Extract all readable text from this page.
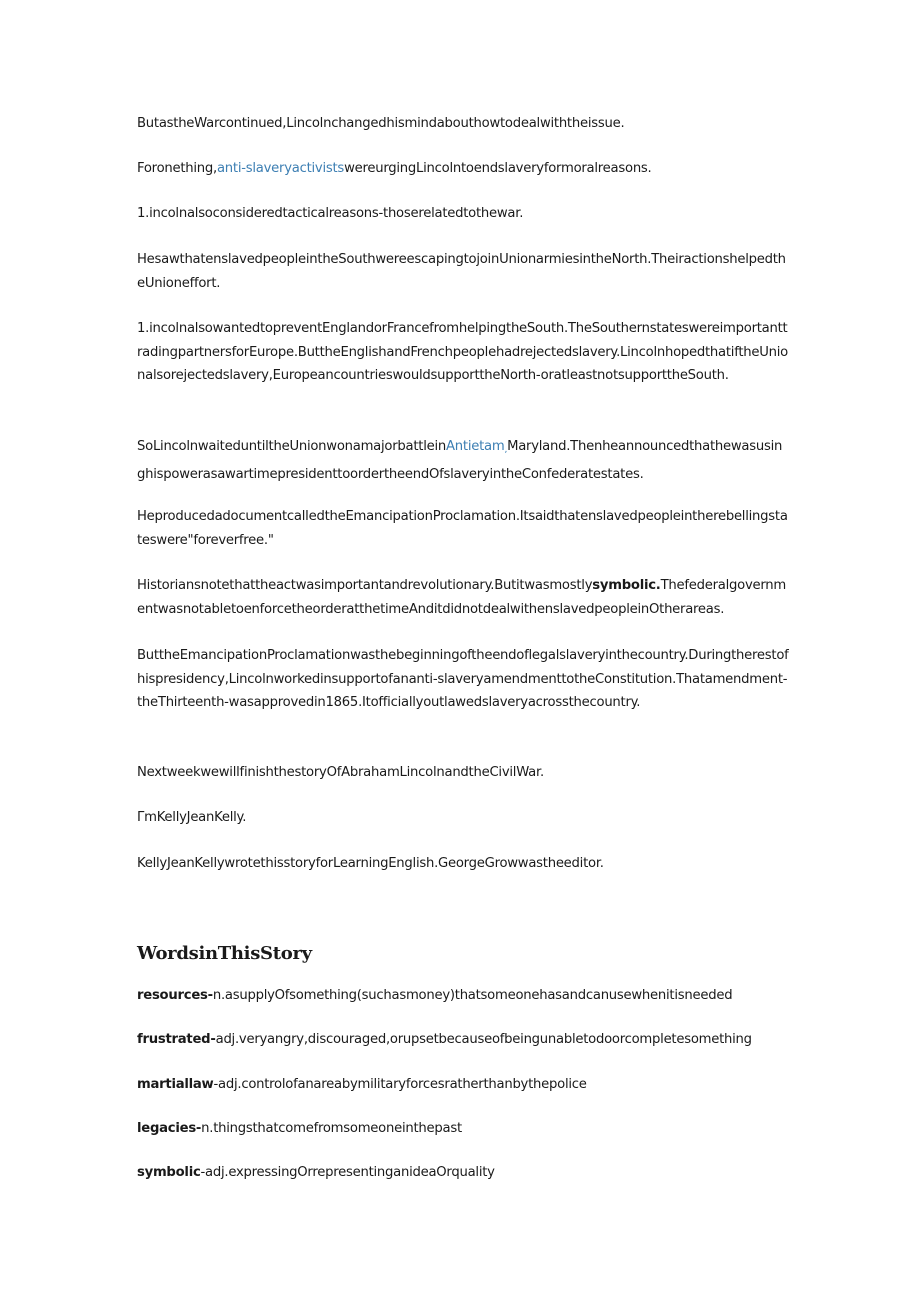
ButastheWarcontinued,Lincolnchangedhismindabouthowtodealwiththeissue.

Foronething,anti-slaveryactivistswereurgingLincolntoendslaveryformoralreasons.

1.incolnalsoconsideredtacticalreasons-thoserelatedtothewar.

HesawthatenslavedpeopleintheSouthwereescapingtojoinUnionarmiesintheNorth.TheiractionshelpedtheUnioneffort.

1.incolnalsowantedtopreventEnglandorFrancefromhelpingtheSouth.TheSouthernstateswereimportanttradingpartnersforEurope.ButtheEnglishandFrenchpeoplehadrejectedslavery.LincolnhopedthatiftheUnionalsorejectedslavery,EuropeancountrieswouldsupporttheNorth-oratleastnotsupporttheSouth.

SoLincolnwaiteduntiltheUnionwonamajorbattleinAntietam$_,$Maryland.ThenheannouncedthathewasusinghispowerasawartimepresidenttoordertheendOfslaveryintheConfederatestates.

HeproducedadocumentcalledtheEmancipationProclamation.Itsaidthatenslavedpeopleintherebellingstateswere"foreverfree."

Historiansnotethattheactwasimportantandrevolutionary.Butitwasmostlysymbolic.ThefederalgovernmentwasnotabletoenforcetheorderatthetimeAnditdidnotdealwithenslavedpeopleinOtherareas.

ButtheEmancipationProclamationwasthebeginningoftheendoflegalslaveryinthecountry.Duringtherestofhispresidency,Lincolnworkedinsupportofananti-slaveryamendmenttotheConstitution.Thatamendment-theThirteenth-wasapprovedin1865.Itofficiallyoutlawedslaveryacrossthecountry.

NextweekwewillfinishthestoryOfAbrahamLincolnandtheCivilWar.

ΓmKellyJeanKelly.

KellyJeanKellywrotethisstoryforLearningEnglish.GeorgeGrowwastheeditor.

WordsinThisStory

resources-n.asupplyOfsomething(suchasmoney)thatsomeonehasandcanusewhenitisneeded

frustrated-adj.veryangry,discouraged,orupsetbecauseofbeingunabletodoorcompletesomething

martiallaw-adj.controlofanareabymilitaryforcesratherthanbythepolice

legacies-n.thingsthatcomefromsomeoneinthepast

symbolic-adj.expressingOrrepresentinganideaOrquality
